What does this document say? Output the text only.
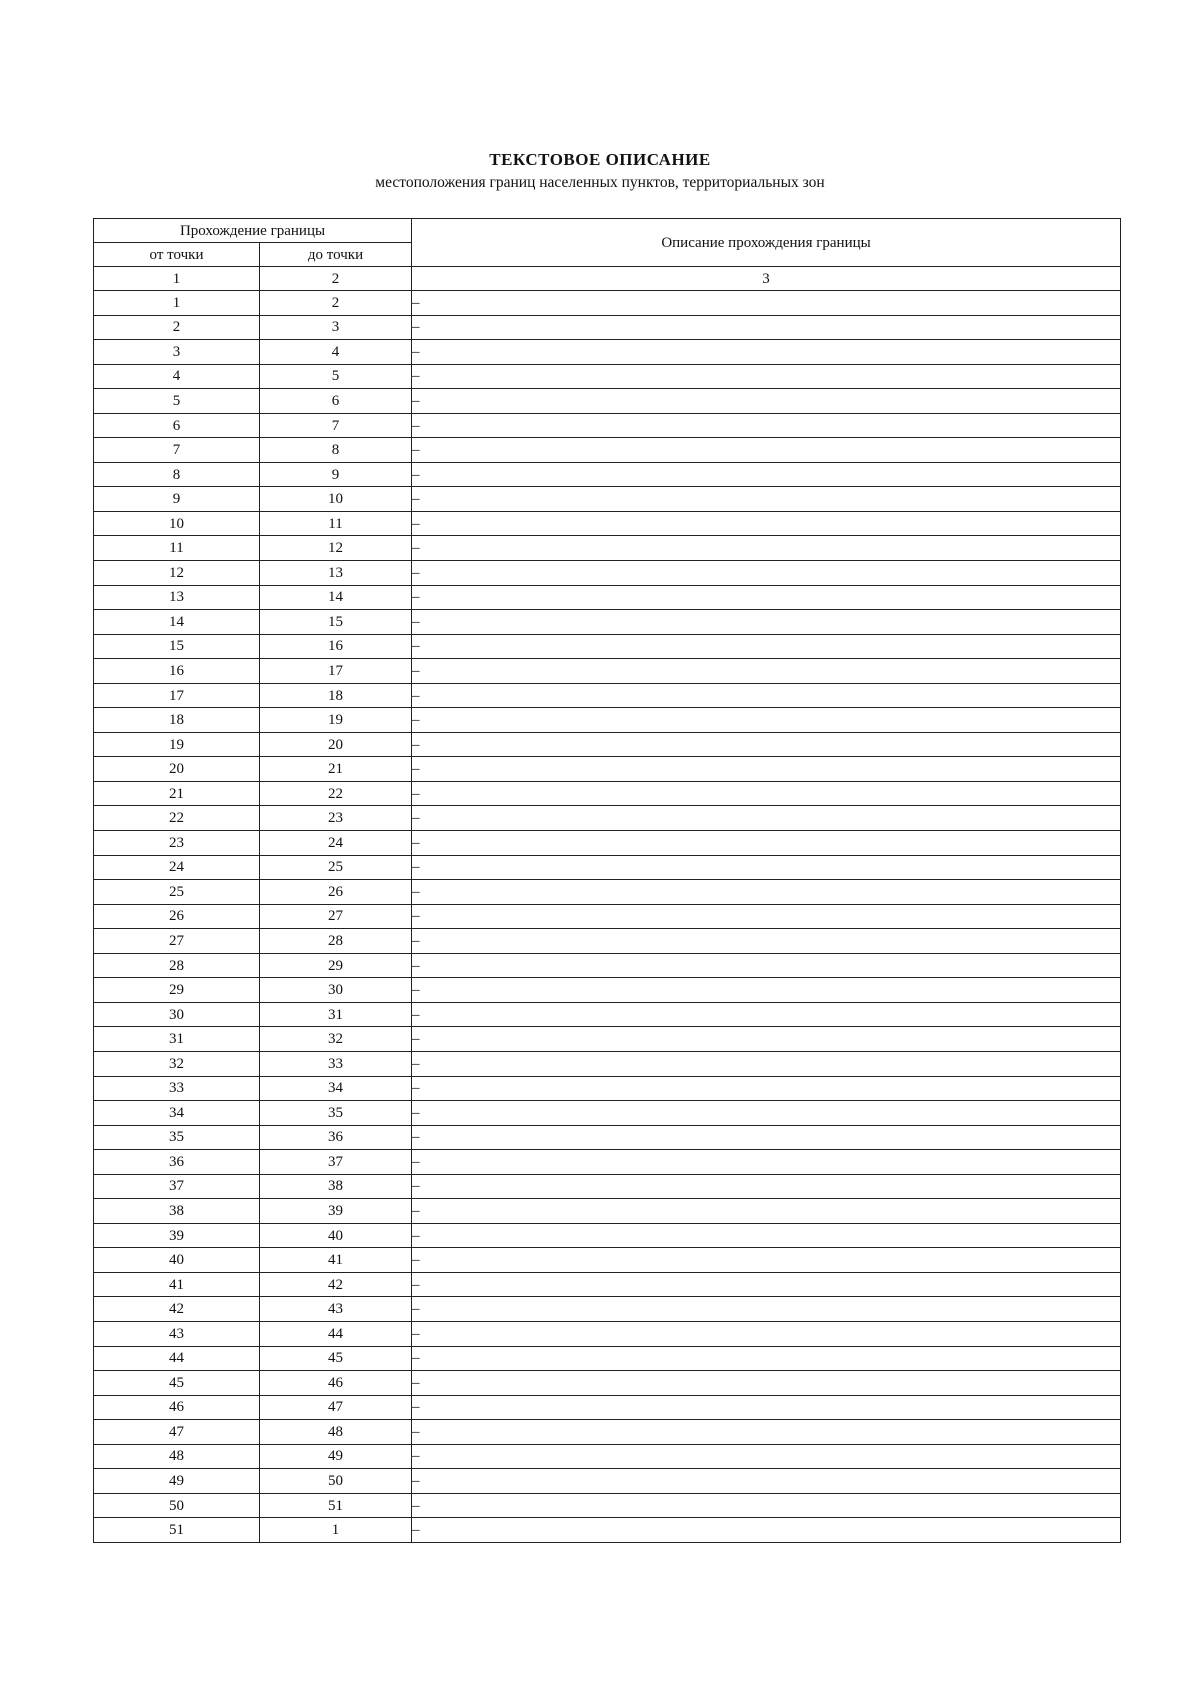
ТЕКСТОВОЕ ОПИСАНИЕ
местоположения границ населенных пунктов, территориальных зон
Прохождение границы		Описание прохождения границы
от точки	до точки	
1	2	3
1	2	–
2	3	–
3	4	–
4	5	–
5	6	–
6	7	–
7	8	–
8	9	–
9	10	–
10	11	–
11	12	–
12	13	–
13	14	–
14	15	–
15	16	–
16	17	–
17	18	–
18	19	–
19	20	–
20	21	–
21	22	–
22	23	–
23	24	–
24	25	–
25	26	–
26	27	–
27	28	–
28	29	–
29	30	–
30	31	–
31	32	–
32	33	–
33	34	–
34	35	–
35	36	–
36	37	–
37	38	–
38	39	–
39	40	–
40	41	–
41	42	–
42	43	–
43	44	–
44	45	–
45	46	–
46	47	–
47	48	–
48	49	–
49	50	–
50	51	–
51	1	–
